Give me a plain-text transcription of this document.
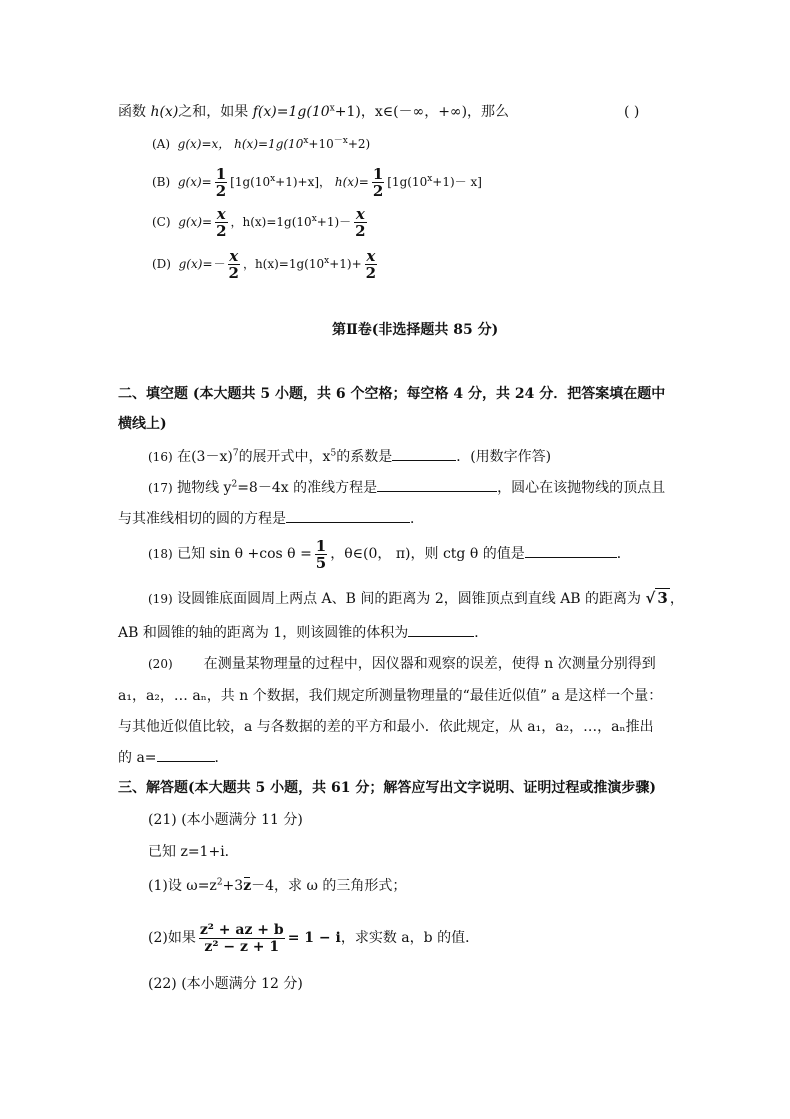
函数 h(x)之和，如果 $f(x)=1g(10^x+1)$，x∈(－∞，+∞)，那么	( )
(A) g(x)=x， $h(x)=1g(10^x+10^{-x}+2)$
(B) $g(x)= \frac{1}{2} [1g(10^x+1)+x]$， $h(x)= \frac{1}{2} [1g(10^x+1)- x]$
(C) $g(x)= \frac{x}{2}$ ，$h(x)=1g(10^x+1)- \frac{x}{2}$
(D) $g(x)=- \frac{x}{2}$ ，$h(x)=1g(10^x+1)+ \frac{x}{2}$
第Ⅱ卷(非选择题共 85 分)
二、填空题 (本大题共 5 小题，共 6 个空格；每空格 4 分，共 24 分．把答案填在题中
横线上)
(16) 在$(3-x)^7$的展开式中，$x^5$的系数是	．(用数字作答)
(17) 抛物线 $y^2=8-4x$ 的准线方程是	，圆心在该抛物线的顶点且
与其准线相切的圆的方程是	．
(18) 已知 sin θ +cos $\theta = \frac{1}{5}$ ，θ∈(0， π)，则 ctg θ 的值是	．
(19) 设圆锥底面圆周上两点 A、B 间的距离为 2，圆锥顶点到直线 AB 的距离为 √ 3 ，
AB 和圆锥的轴的距离为 1，则该圆锥的体积为	．
(20) 在测量某物理量的过程中，因仪器和观察的误差，使得 n 次测量分别得到
a₁，a₂，… aₙ，共 n 个数据，我们规定所测量物理量的“最佳近似值” a 是这样一个量：
与其他近似值比较，a 与各数据的差的平方和最小．依此规定，从 a₁，a₂，…，aₙ推出
的 a=	．
三、解答题(本大题共 5 小题，共 61 分；解答应写出文字说明、证明过程或推演步骤)
(21) (本小题满分 11 分)
已知 z=1+i．
(1)设 $\omega=z^2+3z-4$，求 ω 的三角形式；
(2)如果 $\frac{\text{z² + az + b}}{\text{z² − z + 1}} = 1 - i$，求实数 a，b 的值．
(22) (本小题满分 12 分)
